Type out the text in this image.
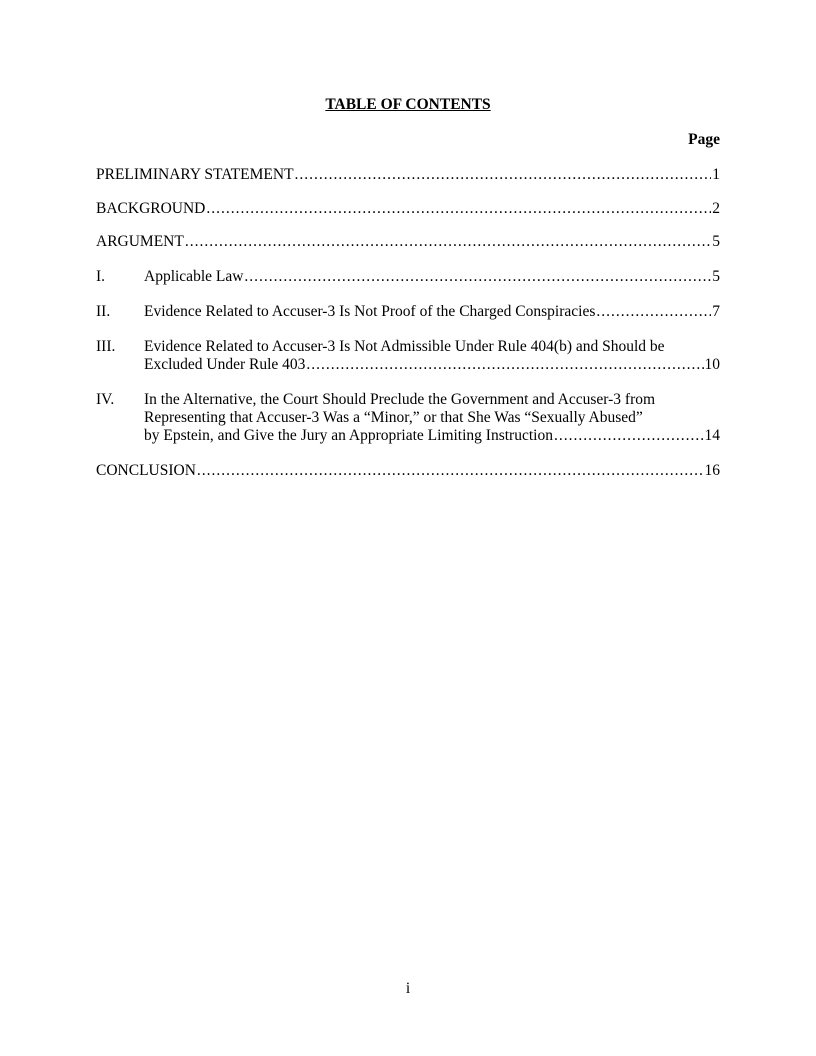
TABLE OF CONTENTS
Page
PRELIMINARY STATEMENT .....	1
BACKGROUND .....	2
ARGUMENT .....	5
I.	Applicable Law .....	5
II.	Evidence Related to Accuser-3 Is Not Proof of the Charged Conspiracies .....	7
III.	Evidence Related to Accuser-3 Is Not Admissible Under Rule 404(b) and Should be
Excluded Under Rule 403 .....	10
IV.	In the Alternative, the Court Should Preclude the Government and Accuser-3 from
Representing that Accuser-3 Was a “Minor,” or that She Was “Sexually Abused”
by Epstein, and Give the Jury an Appropriate Limiting Instruction .....	14
CONCLUSION .....	16
i
